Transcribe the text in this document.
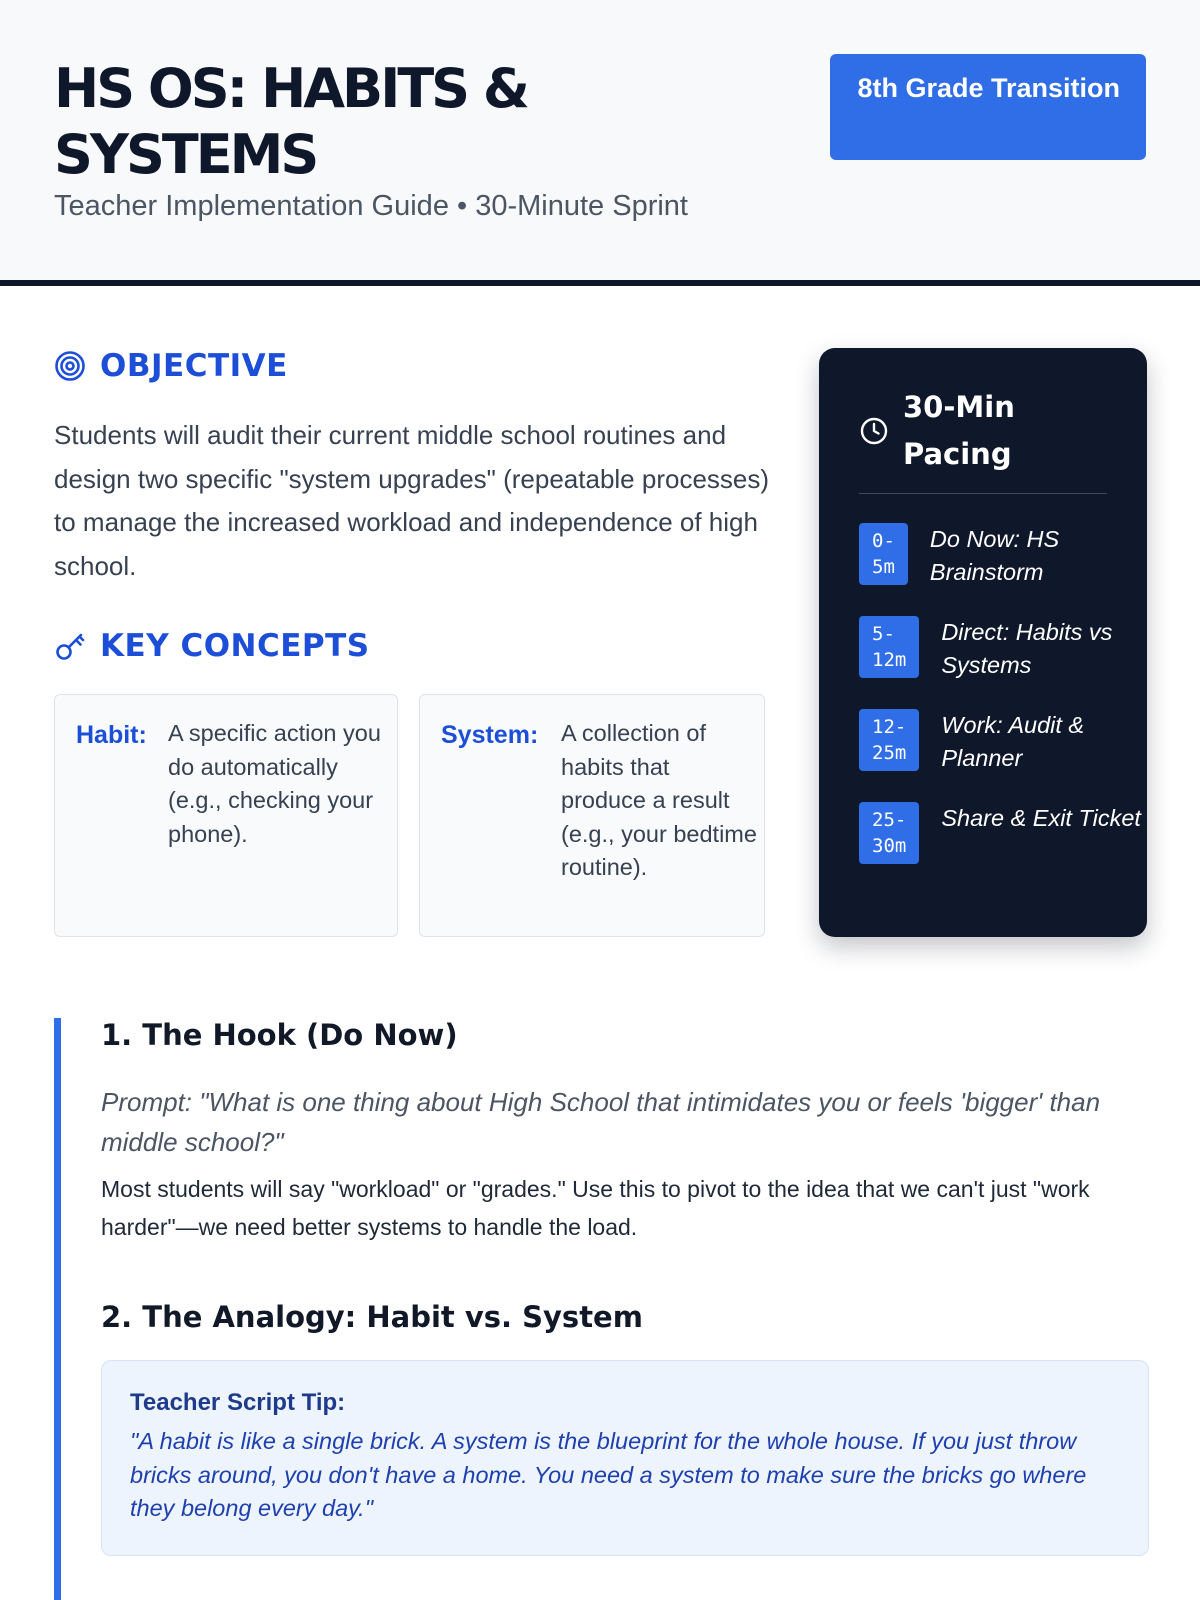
HS OS: HABITS & SYSTEMS
Teacher Implementation Guide • 30-Minute Sprint
8th Grade Transition
OBJECTIVE
Students will audit their current middle school routines and design two specific "system upgrades" (repeatable processes) to manage the increased workload and independence of high school.
KEY CONCEPTS
Habit: A specific action you do automatically (e.g., checking your phone).
System: A collection of habits that produce a result (e.g., your bedtime routine).
30-Min Pacing
0-
5m
Do Now: HS Brainstorm
5-
12m
Direct: Habits vs Systems
12-
25m
Work: Audit & Planner
25-
30m
Share & Exit Ticket
1. The Hook (Do Now)
Prompt: "What is one thing about High School that intimidates you or feels 'bigger' than middle school?"
Most students will say "workload" or "grades." Use this to pivot to the idea that we can't just "work harder"—we need better systems to handle the load.
2. The Analogy: Habit vs. System
Teacher Script Tip:
"A habit is like a single brick. A system is the blueprint for the whole house. If you just throw bricks around, you don't have a home. You need a system to make sure the bricks go where they belong every day."
